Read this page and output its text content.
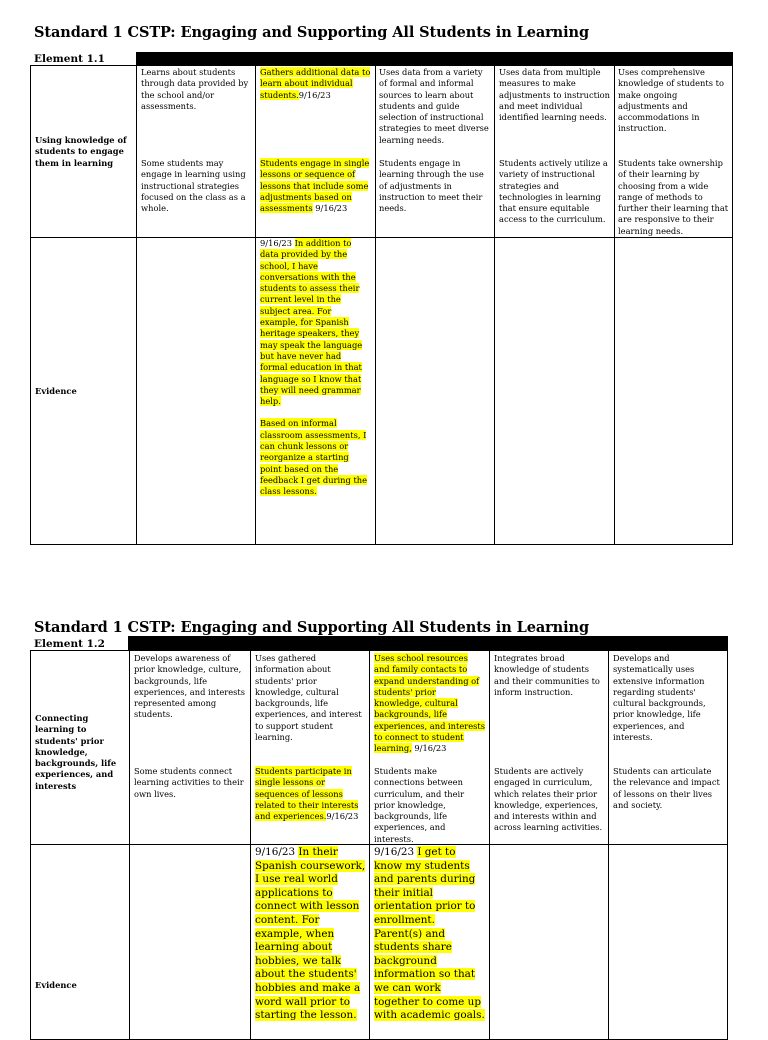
Standard 1 CSTP: Engaging and Supporting All Students in Learning
Element 1.1
Using knowledge of students to engage them in learning
Evidence
Learns about students through data provided by the school and/or assessments.
Gathers additional data to learn about individual students.9/16/23
Uses data from a variety of formal and informal sources to learn about students and guide selection of instructional strategies to meet diverse learning needs.
Uses data from multiple measures to make adjustments to instruction and meet individual identified learning needs.
Uses comprehensive knowledge of students to make ongoing adjustments and accommodations in instruction.
Some students may engage in learning using instructional strategies focused on the class as a whole.
Students engage in single lessons or sequence of lessons that include some adjustments based on assessments 9/16/23
Students engage in learning through the use of adjustments in instruction to meet their needs.
Students actively utilize a variety of instructional strategies and technologies in learning that ensure equitable access to the curriculum.
Students take ownership of their learning by choosing from a wide range of methods to further their learning that are responsive to their learning needs.

9/16/23 In addition to data provided by the school, I have conversations with the students to assess their current level in the subject area. For example, for Spanish heritage speakers, they may speak the language but have never had formal education in that language so I know that they will need grammar help.

Based on informal classroom assessments, I can chunk lessons or reorganize a starting point based on the feedback I get during the class lessons.

Standard 1 CSTP: Engaging and Supporting All Students in Learning
Element 1.2
Connecting learning to students' prior knowledge, backgrounds, life experiences, and interests
Evidence
Develops awareness of prior knowledge, culture, backgrounds, life experiences, and interests represented among students.
Uses gathered information about students' prior knowledge, cultural backgrounds, life experiences, and interest to support student learning.
Uses school resources and family contacts to expand understanding of students' prior knowledge, cultural backgrounds, life experiences, and interests to connect to student learning, 9/16/23
Integrates broad knowledge of students and their communities to inform instruction.
Develops and systematically uses extensive information regarding students' cultural backgrounds, prior knowledge, life experiences, and interests.
Some students connect learning activities to their own lives.
Students participate in single lessons or sequences of lessons related to their interests and experiences.9/16/23
Students make connections between curriculum, and their prior knowledge, backgrounds, life experiences, and interests.
Students are actively engaged in curriculum, which relates their prior knowledge, experiences, and interests within and across learning activities.
Students can articulate the relevance and impact of lessons on their lives and society.
9/16/23 In their Spanish coursework, I use real world applications to connect with lesson content. For example, when learning about hobbies, we talk about the students' hobbies and make a word wall prior to starting the lesson.
9/16/23 I get to know my students and parents during their initial orientation prior to enrollment. Parent(s) and students share background information so that we can work together to come up with academic goals.
